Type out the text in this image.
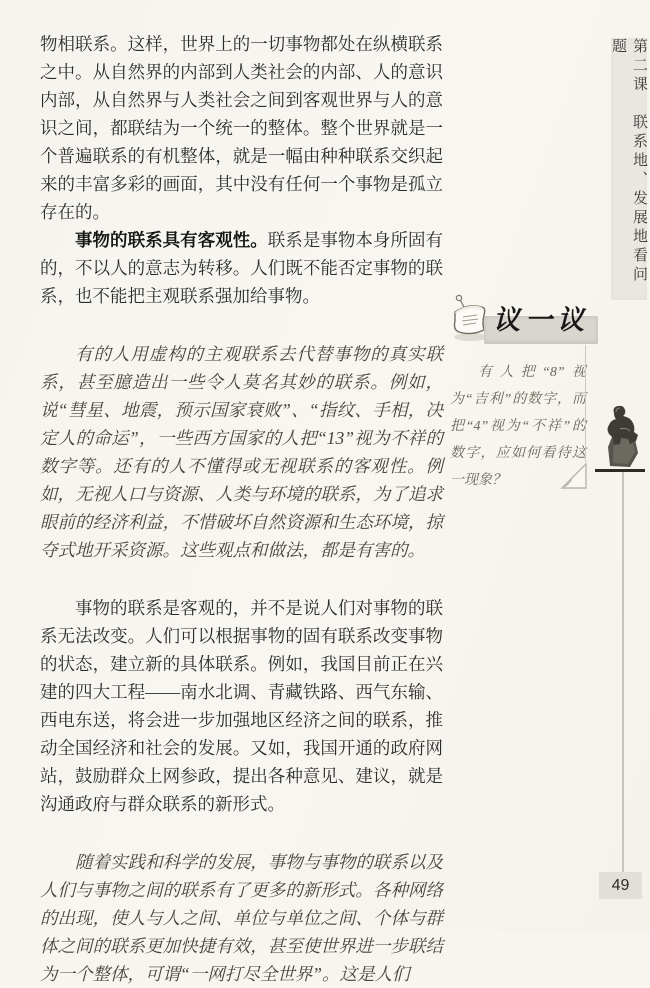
物相联系。这样，世界上的一切事物都处在纵横联系之中。从自然界的内部到人类社会的内部、人的意识内部，从自然界与人类社会之间到客观世界与人的意识之间，都联结为一个统一的整体。整个世界就是一个普遍联系的有机整体，就是一幅由种种联系交织起来的丰富多彩的画面，其中没有任何一个事物是孤立存在的。

事物的联系具有客观性。联系是事物本身所固有的，不以人的意志为转移。人们既不能否定事物的联系，也不能把主观联系强加给事物。

有的人用虚构的主观联系去代替事物的真实联系，甚至臆造出一些令人莫名其妙的联系。例如，说“彗星、地震，预示国家衰败”、“指纹、手相，决定人的命运”，一些西方国家的人把“13”视为不祥的数字等。还有的人不懂得或无视联系的客观性。例如，无视人口与资源、人类与环境的联系，为了追求眼前的经济利益，不惜破坏自然资源和生态环境，掠夺式地开采资源。这些观点和做法，都是有害的。

事物的联系是客观的，并不是说人们对事物的联系无法改变。人们可以根据事物的固有联系改变事物的状态，建立新的具体联系。例如，我国目前正在兴建的四大工程——南水北调、青藏铁路、西气东输、西电东送，将会进一步加强地区经济之间的联系，推动全国经济和社会的发展。又如，我国开通的政府网站，鼓励群众上网参政，提出各种意见、建议，就是沟通政府与群众联系的新形式。

随着实践和科学的发展，事物与事物的联系以及人们与事物之间的联系有了更多的新形式。各种网络的出现，使人与人之间、单位与单位之间、个体与群体之间的联系更加快捷有效，甚至使世界进一步联结为一个整体，可谓“一网打尽全世界”。这是人们

第二课　联系地、发展地看问题
议一议
有人把“8”视为“吉利”的数字，而把“4”视为“不祥”的数字，应如何看待这一现象？
49
